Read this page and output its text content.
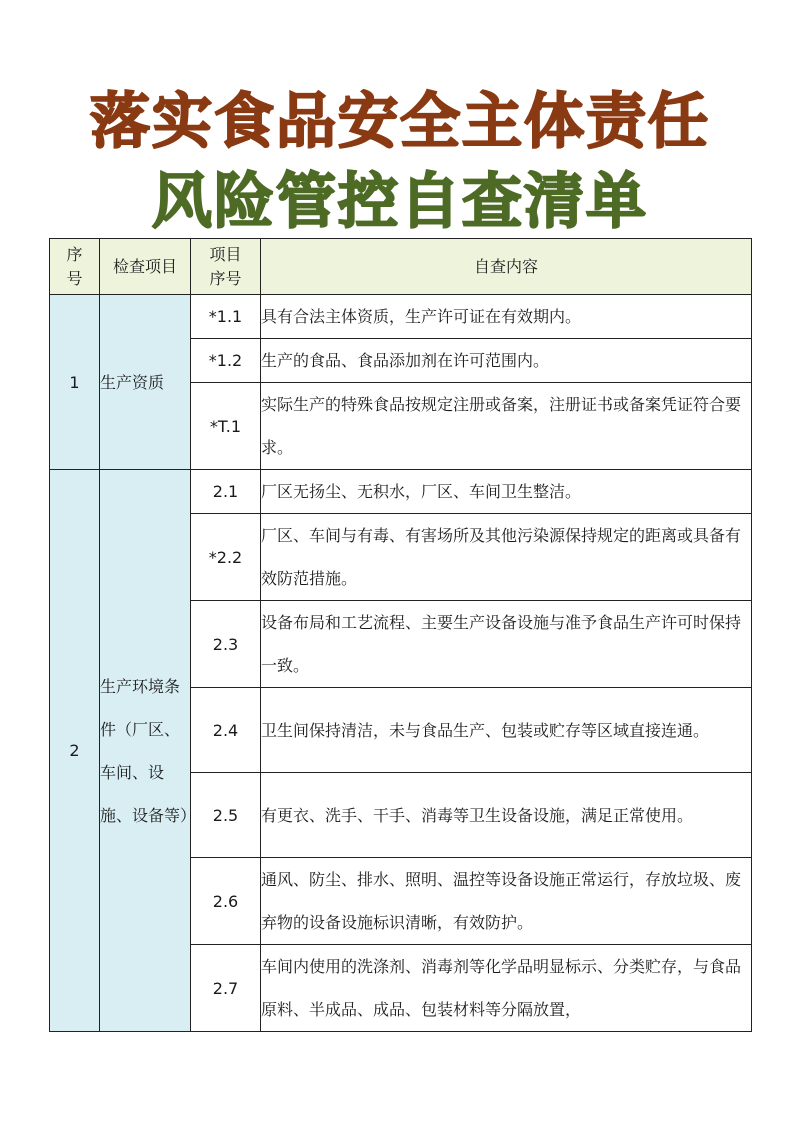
落实食品安全主体责任
风险管控自查清单
序号	检查项目	项目序号	自查内容
1	生产资质	*1.1	具有合法主体资质，生产许可证在有效期内。
		*1.2	生产的食品、食品添加剂在许可范围内。
		*T.1	实际生产的特殊食品按规定注册或备案，注册证书或备案凭证符合要求。
2	生产环境条件（厂区、车间、设施、设备等）	2.1	厂区无扬尘、无积水，厂区、车间卫生整洁。
		*2.2	厂区、车间与有毒、有害场所及其他污染源保持规定的距离或具备有效防范措施。
		2.3	设备布局和工艺流程、主要生产设备设施与准予食品生产许可时保持一致。
		2.4	卫生间保持清洁，未与食品生产、包装或贮存等区域直接连通。
		2.5	有更衣、洗手、干手、消毒等卫生设备设施，满足正常使用。
		2.6	通风、防尘、排水、照明、温控等设备设施正常运行，存放垃圾、废弃物的设备设施标识清晰，有效防护。
		2.7	车间内使用的洗涤剂、消毒剂等化学品明显标示、分类贮存，与食品原料、半成品、成品、包装材料等分隔放置，
